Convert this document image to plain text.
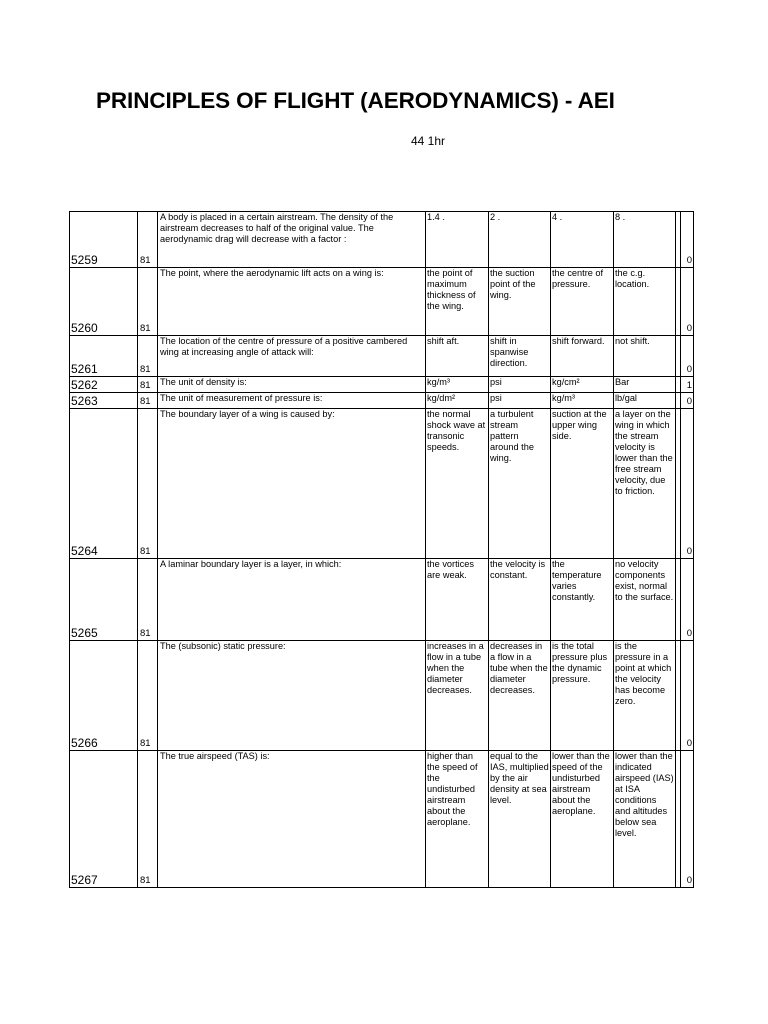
PRINCIPLES OF FLIGHT (AERODYNAMICS) - AEI
44 1hr
5259	81	A body is placed in a certain airstream. The density of the airstream decreases to half of the original value. The aerodynamic drag will decrease with a factor :	1.4 .	2 .	4 .	8 .		0
5260	81	The point, where the aerodynamic lift acts on a wing is:	the point of maximum thickness of the wing.	the suction point of the wing.	the centre of pressure.	the c.g. location.		0
5261	81	The location of the centre of pressure of a positive cambered wing at increasing angle of attack will:	shift aft.	shift in spanwise direction.	shift forward.	not shift.		0
5262	81	The unit of density is:	kg/m³	psi	kg/cm²	Bar		1
5263	81	The unit of measurement of pressure is:	kg/dm²	psi	kg/m³	lb/gal		0
5264	81	The boundary layer of a wing is caused by:	the normal shock wave at transonic speeds.	a turbulent stream pattern around the wing.	suction at the upper wing side.	a layer on the wing in which the stream velocity is lower than the free stream velocity, due to friction.		0
5265	81	A laminar boundary layer is a layer, in which:	the vortices are weak.	the velocity is constant.	the temperature varies constantly.	no velocity components exist, normal to the surface.		0
5266	81	The (subsonic) static pressure:	increases in a flow in a tube when the diameter decreases.	decreases in a flow in a tube when the diameter decreases.	is the total pressure plus the dynamic pressure.	is the pressure in a point at which the velocity has become zero.		0
5267	81	The true airspeed (TAS) is:	higher than the speed of the undisturbed airstream about the aeroplane.	equal to the IAS, multiplied by the air density at sea level.	lower than the speed of the undisturbed airstream about the aeroplane.	lower than the indicated airspeed (IAS) at ISA conditions and altitudes below sea level.		0
